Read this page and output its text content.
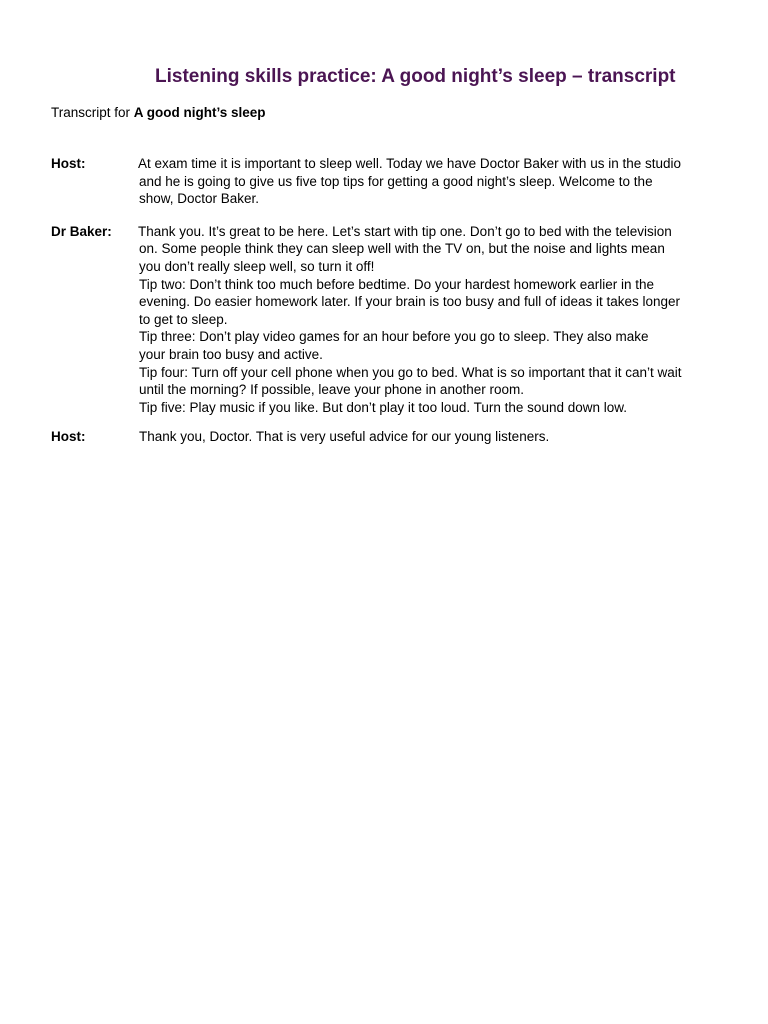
Listening skills practice: A good night’s sleep – transcript
Transcript for A good night’s sleep
Host:	At exam time it is important to sleep well. Today we have Doctor Baker with us in the studio
and he is going to give us five top tips for getting a good night’s sleep. Welcome to the
show, Doctor Baker.
Dr Baker:	Thank you. It’s great to be here. Let’s start with tip one. Don’t go to bed with the television
on. Some people think they can sleep well with the TV on, but the noise and lights mean
you don’t really sleep well, so turn it off!
Tip two: Don’t think too much before bedtime. Do your hardest homework earlier in the
evening. Do easier homework later. If your brain is too busy and full of ideas it takes longer
to get to sleep.
Tip three: Don’t play video games for an hour before you go to sleep. They also make
your brain too busy and active.
Tip four: Turn off your cell phone when you go to bed. What is so important that it can’t wait
until the morning? If possible, leave your phone in another room.
Tip five: Play music if you like. But don’t play it too loud. Turn the sound down low.
Host:	Thank you, Doctor. That is very useful advice for our young listeners.
